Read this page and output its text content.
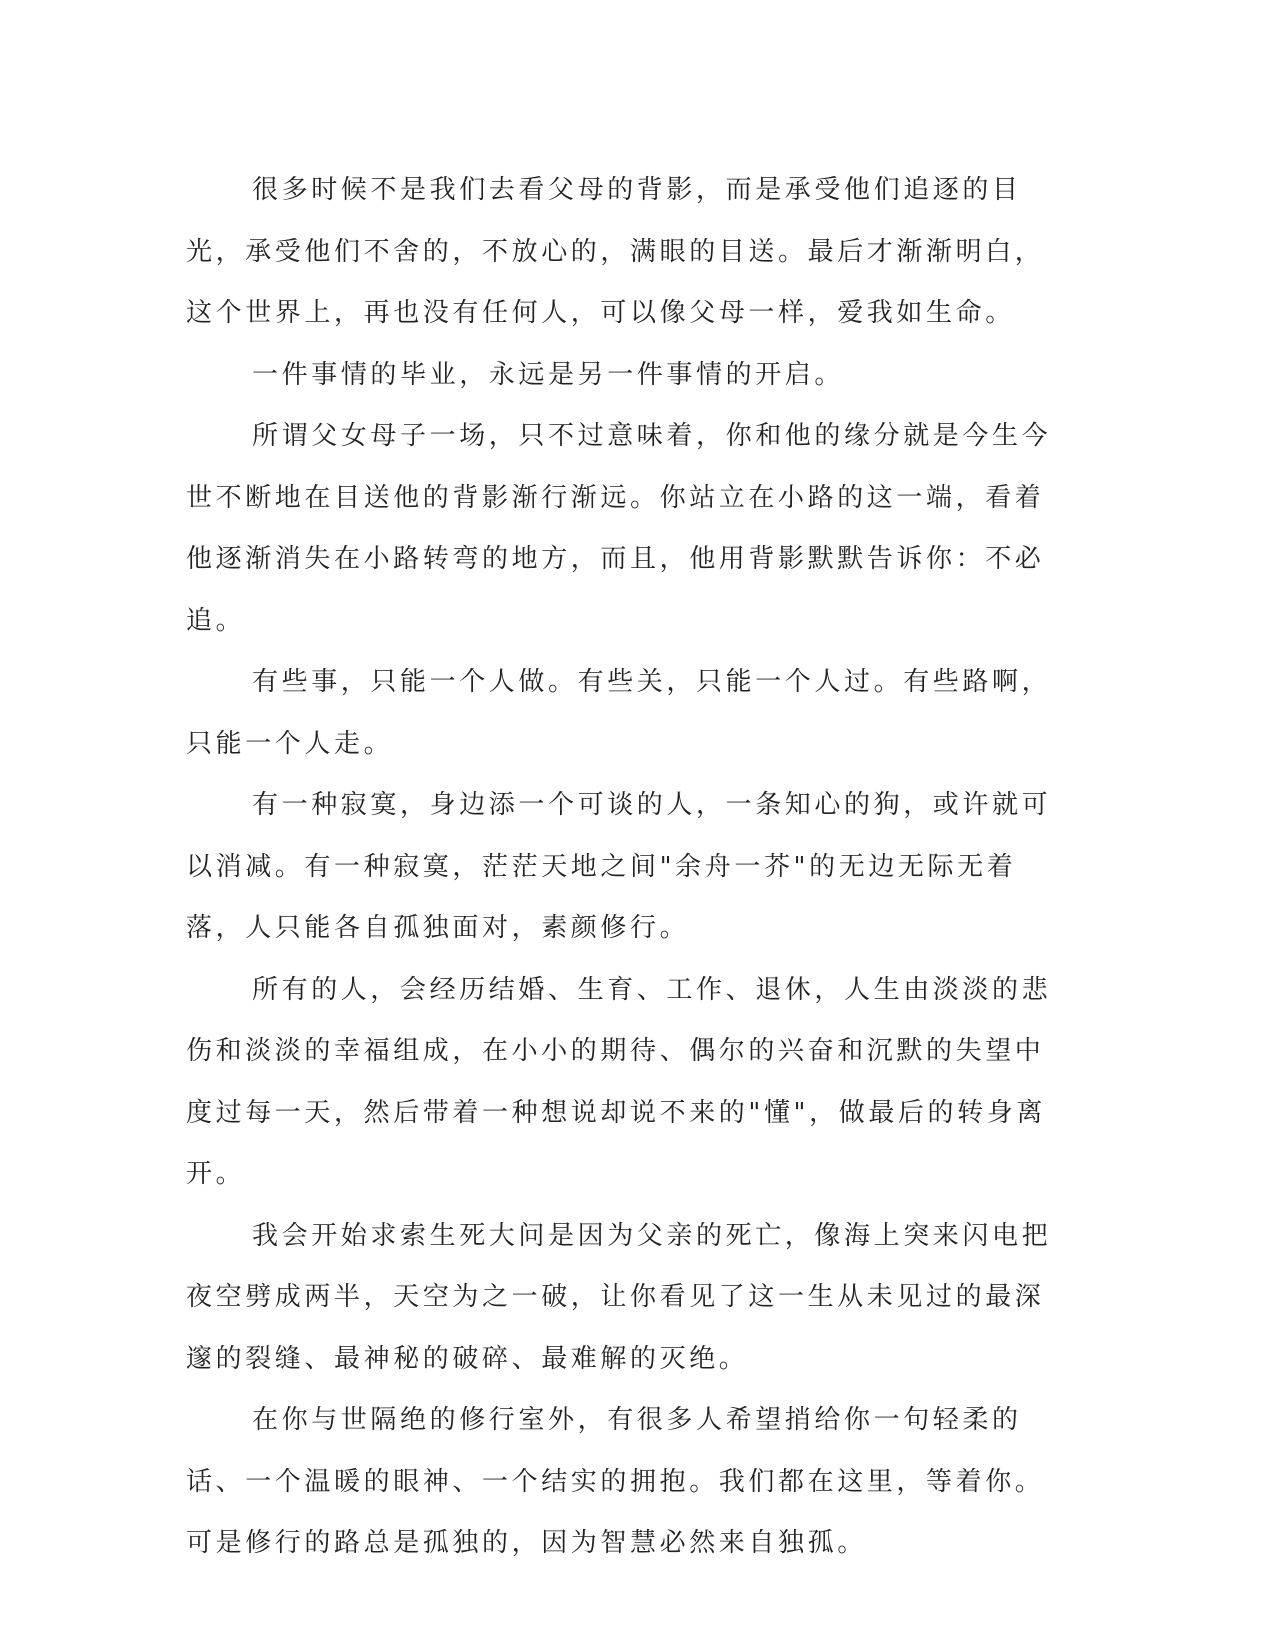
很多时候不是我们去看父母的背影，而是承受他们追逐的目光，承受他们不舍的，不放心的，满眼的目送。最后才渐渐明白，这个世界上，再也没有任何人，可以像父母一样，爱我如生命。

一件事情的毕业，永远是另一件事情的开启。

所谓父女母子一场，只不过意味着，你和他的缘分就是今生今世不断地在目送他的背影渐行渐远。你站立在小路的这一端，看着他逐渐消失在小路转弯的地方，而且，他用背影默默告诉你：不必追。

有些事，只能一个人做。有些关，只能一个人过。有些路啊，只能一个人走。

有一种寂寞，身边添一个可谈的人，一条知心的狗，或许就可以消减。有一种寂寞，茫茫天地之间"余舟一芥"的无边无际无着落，人只能各自孤独面对，素颜修行。

所有的人，会经历结婚、生育、工作、退休，人生由淡淡的悲伤和淡淡的幸福组成，在小小的期待、偶尔的兴奋和沉默的失望中度过每一天，然后带着一种想说却说不来的"懂"，做最后的转身离开。

我会开始求索生死大问是因为父亲的死亡，像海上突来闪电把夜空劈成两半，天空为之一破，让你看见了这一生从未见过的最深邃的裂缝、最神秘的破碎、最难解的灭绝。

在你与世隔绝的修行室外，有很多人希望捎给你一句轻柔的话、一个温暖的眼神、一个结实的拥抱。我们都在这里，等着你。可是修行的路总是孤独的，因为智慧必然来自独孤。
